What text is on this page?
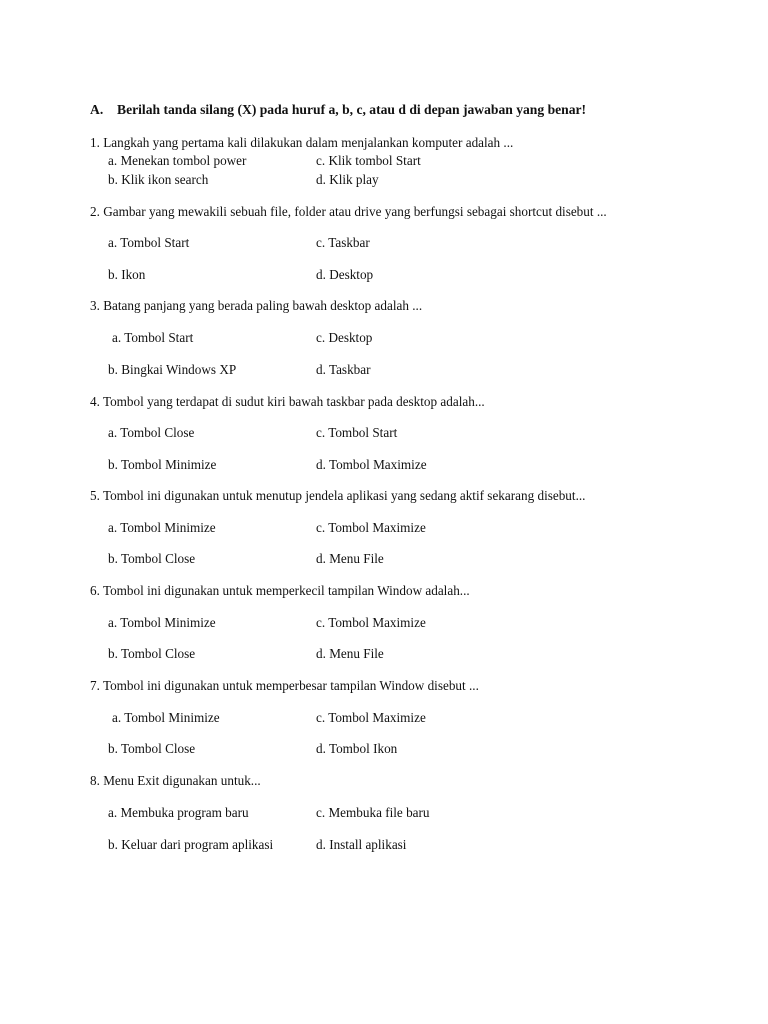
A. Berilah tanda silang (X) pada huruf a, b, c, atau d di depan jawaban yang benar!
1. Langkah yang pertama kali dilakukan dalam menjalankan komputer adalah ...
a. Menekan tombol power	c. Klik tombol Start
b. Klik ikon search	d. Klik play
2. Gambar yang mewakili sebuah file, folder atau drive yang berfungsi sebagai shortcut disebut ...
a. Tombol Start	c. Taskbar
b. Ikon	d. Desktop
3. Batang panjang yang berada paling bawah desktop adalah ...
a. Tombol Start	c. Desktop
b. Bingkai Windows XP	d. Taskbar
4. Tombol yang terdapat di sudut kiri bawah taskbar pada desktop adalah...
a. Tombol Close	c. Tombol Start
b. Tombol Minimize	d. Tombol Maximize
5. Tombol ini digunakan untuk menutup jendela aplikasi yang sedang aktif sekarang disebut...
a. Tombol Minimize	c. Tombol Maximize
b. Tombol Close	d. Menu File
6. Tombol ini digunakan untuk memperkecil tampilan Window adalah...
a. Tombol Minimize	c. Tombol Maximize
b. Tombol Close	d. Menu File
7. Tombol ini digunakan untuk memperbesar tampilan Window disebut ...
a. Tombol Minimize	c. Tombol Maximize
b. Tombol Close	d. Tombol Ikon
8. Menu Exit digunakan untuk...
a. Membuka program baru	c. Membuka file baru
b. Keluar dari program aplikasi	d. Install aplikasi
